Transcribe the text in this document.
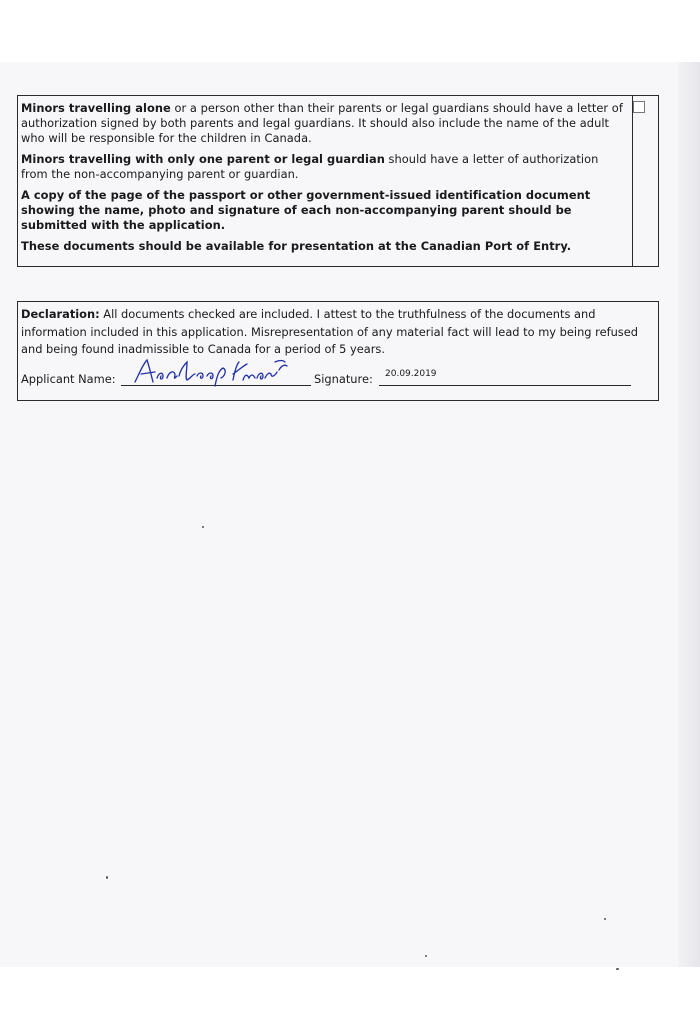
Minors travelling alone or a person other than their parents or legal guardians should have a letter of authorization signed by both parents and legal guardians. It should also include the name of the adult who will be responsible for the children in Canada.

Minors travelling with only one parent or legal guardian should have a letter of authorization from the non-accompanying parent or guardian.

A copy of the page of the passport or other government-issued identification document showing the name, photo and signature of each non-accompanying parent should be submitted with the application.

These documents should be available for presentation at the Canadian Port of Entry.

Declaration: All documents checked are included. I attest to the truthfulness of the documents and information included in this application. Misrepresentation of any material fact will lead to my being refused and being found inadmissible to Canada for a period of 5 years.

Applicant Name:	Signature: 20.09.2019
